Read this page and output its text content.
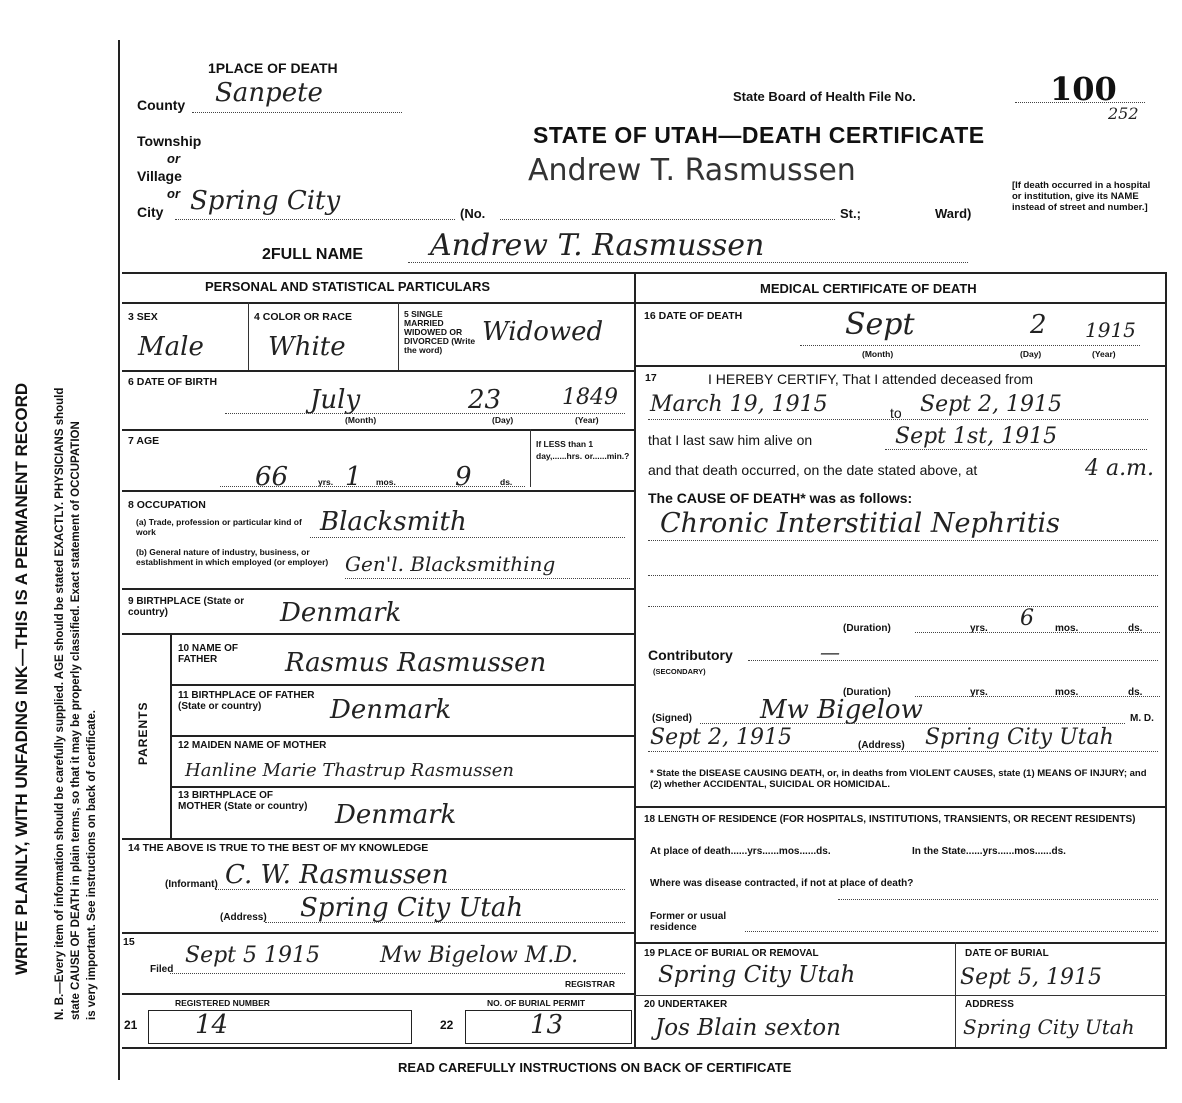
WRITE PLAINLY, WITH UNFADING INK—THIS IS A PERMANENT RECORD N. B.—Every item of information should be carefully supplied. AGE should be stated EXACTLY. PHYSICIANS should state CAUSE OF DEATH in plain terms, so that it may be properly classified. Exact statement of OCCUPATION is very important. See instructions on back of certificate.
1PLACE OF DEATH
County Sanpete
Township
or
Village
or
City Spring City	(No.	St.;	Ward)
State Board of Health File No.	100
252
STATE OF UTAH—DEATH CERTIFICATE
Andrew T. Rasmussen	[If death occurred in a hospital or institution, give its NAME instead of street and number.]
2FULL NAME Andrew T. Rasmussen
PERSONAL AND STATISTICAL PARTICULARS
3 SEX
Male
4 COLOR OR RACE
White
5 SINGLE MARRIED WIDOWED OR DIVORCED (Write the word)
Widowed
6 DATE OF BIRTH
July	23	1849
(Month)	(Day)	(Year)
7 AGE
66	yrs. 1 mos. 9	ds.
If LESS than 1 day,......hrs. or......min.?
8 OCCUPATION
(a) Trade, profession or particular kind of work	Blacksmith
(b) General nature of industry, business, or establishment in which employed (or employer) Gen'l. Blacksmithing
9 BIRTHPLACE (State or country)	Denmark
PARENTS
10 NAME OF FATHER	Rasmus Rasmussen
11 BIRTHPLACE OF FATHER (State or country)	Denmark
12 MAIDEN NAME OF MOTHER
Hanline Marie Thastrup Rasmussen
13 BIRTHPLACE OF MOTHER (State or country)	Denmark
14 THE ABOVE IS TRUE TO THE BEST OF MY KNOWLEDGE
(Informant) C. W. Rasmussen
(Address) Spring City Utah
15
Filed
Sept 5 1915	Mw Bigelow M.D.
REGISTRAR
REGISTERED NUMBER
21 14
NO. OF BURIAL PERMIT
22	13
MEDICAL CERTIFICATE OF DEATH
16 DATE OF DEATH	Sept	2 1915
(Month)	(Day)	(Year)
17	I HEREBY CERTIFY, That I attended deceased from
March 19, 1915	to Sept 2, 1915
that I last saw him alive on	Sept 1st, 1915
and that death occurred, on the date stated above, at	4 a.m.
The CAUSE OF DEATH* was as follows:
Chronic Interstitial Nephritis
(Duration)	yrs. 6 mos.	ds.
Contributory
(SECONDARY)
—
(Duration)	yrs.	mos.	ds.
(Signed)	Mw Bigelow	M. D.
Sept 2, 1915	(Address) Spring City Utah
* State the DISEASE CAUSING DEATH, or, in deaths from VIOLENT CAUSES, state (1) MEANS OF INJURY; and (2) whether ACCIDENTAL, SUICIDAL OR HOMICIDAL.
18 LENGTH OF RESIDENCE (FOR HOSPITALS, INSTITUTIONS, TRANSIENTS, OR RECENT RESIDENTS)
At place of death......yrs......mos......ds.	In the State......yrs......mos......ds.
Where was disease contracted, if not at place of death?
Former or usual residence
19 PLACE OF BURIAL OR REMOVAL
Spring City Utah
DATE OF BURIAL
Sept 5, 1915
20 UNDERTAKER
Jos Blain sexton
ADDRESS
Spring City Utah
READ CAREFULLY INSTRUCTIONS ON BACK OF CERTIFICATE
